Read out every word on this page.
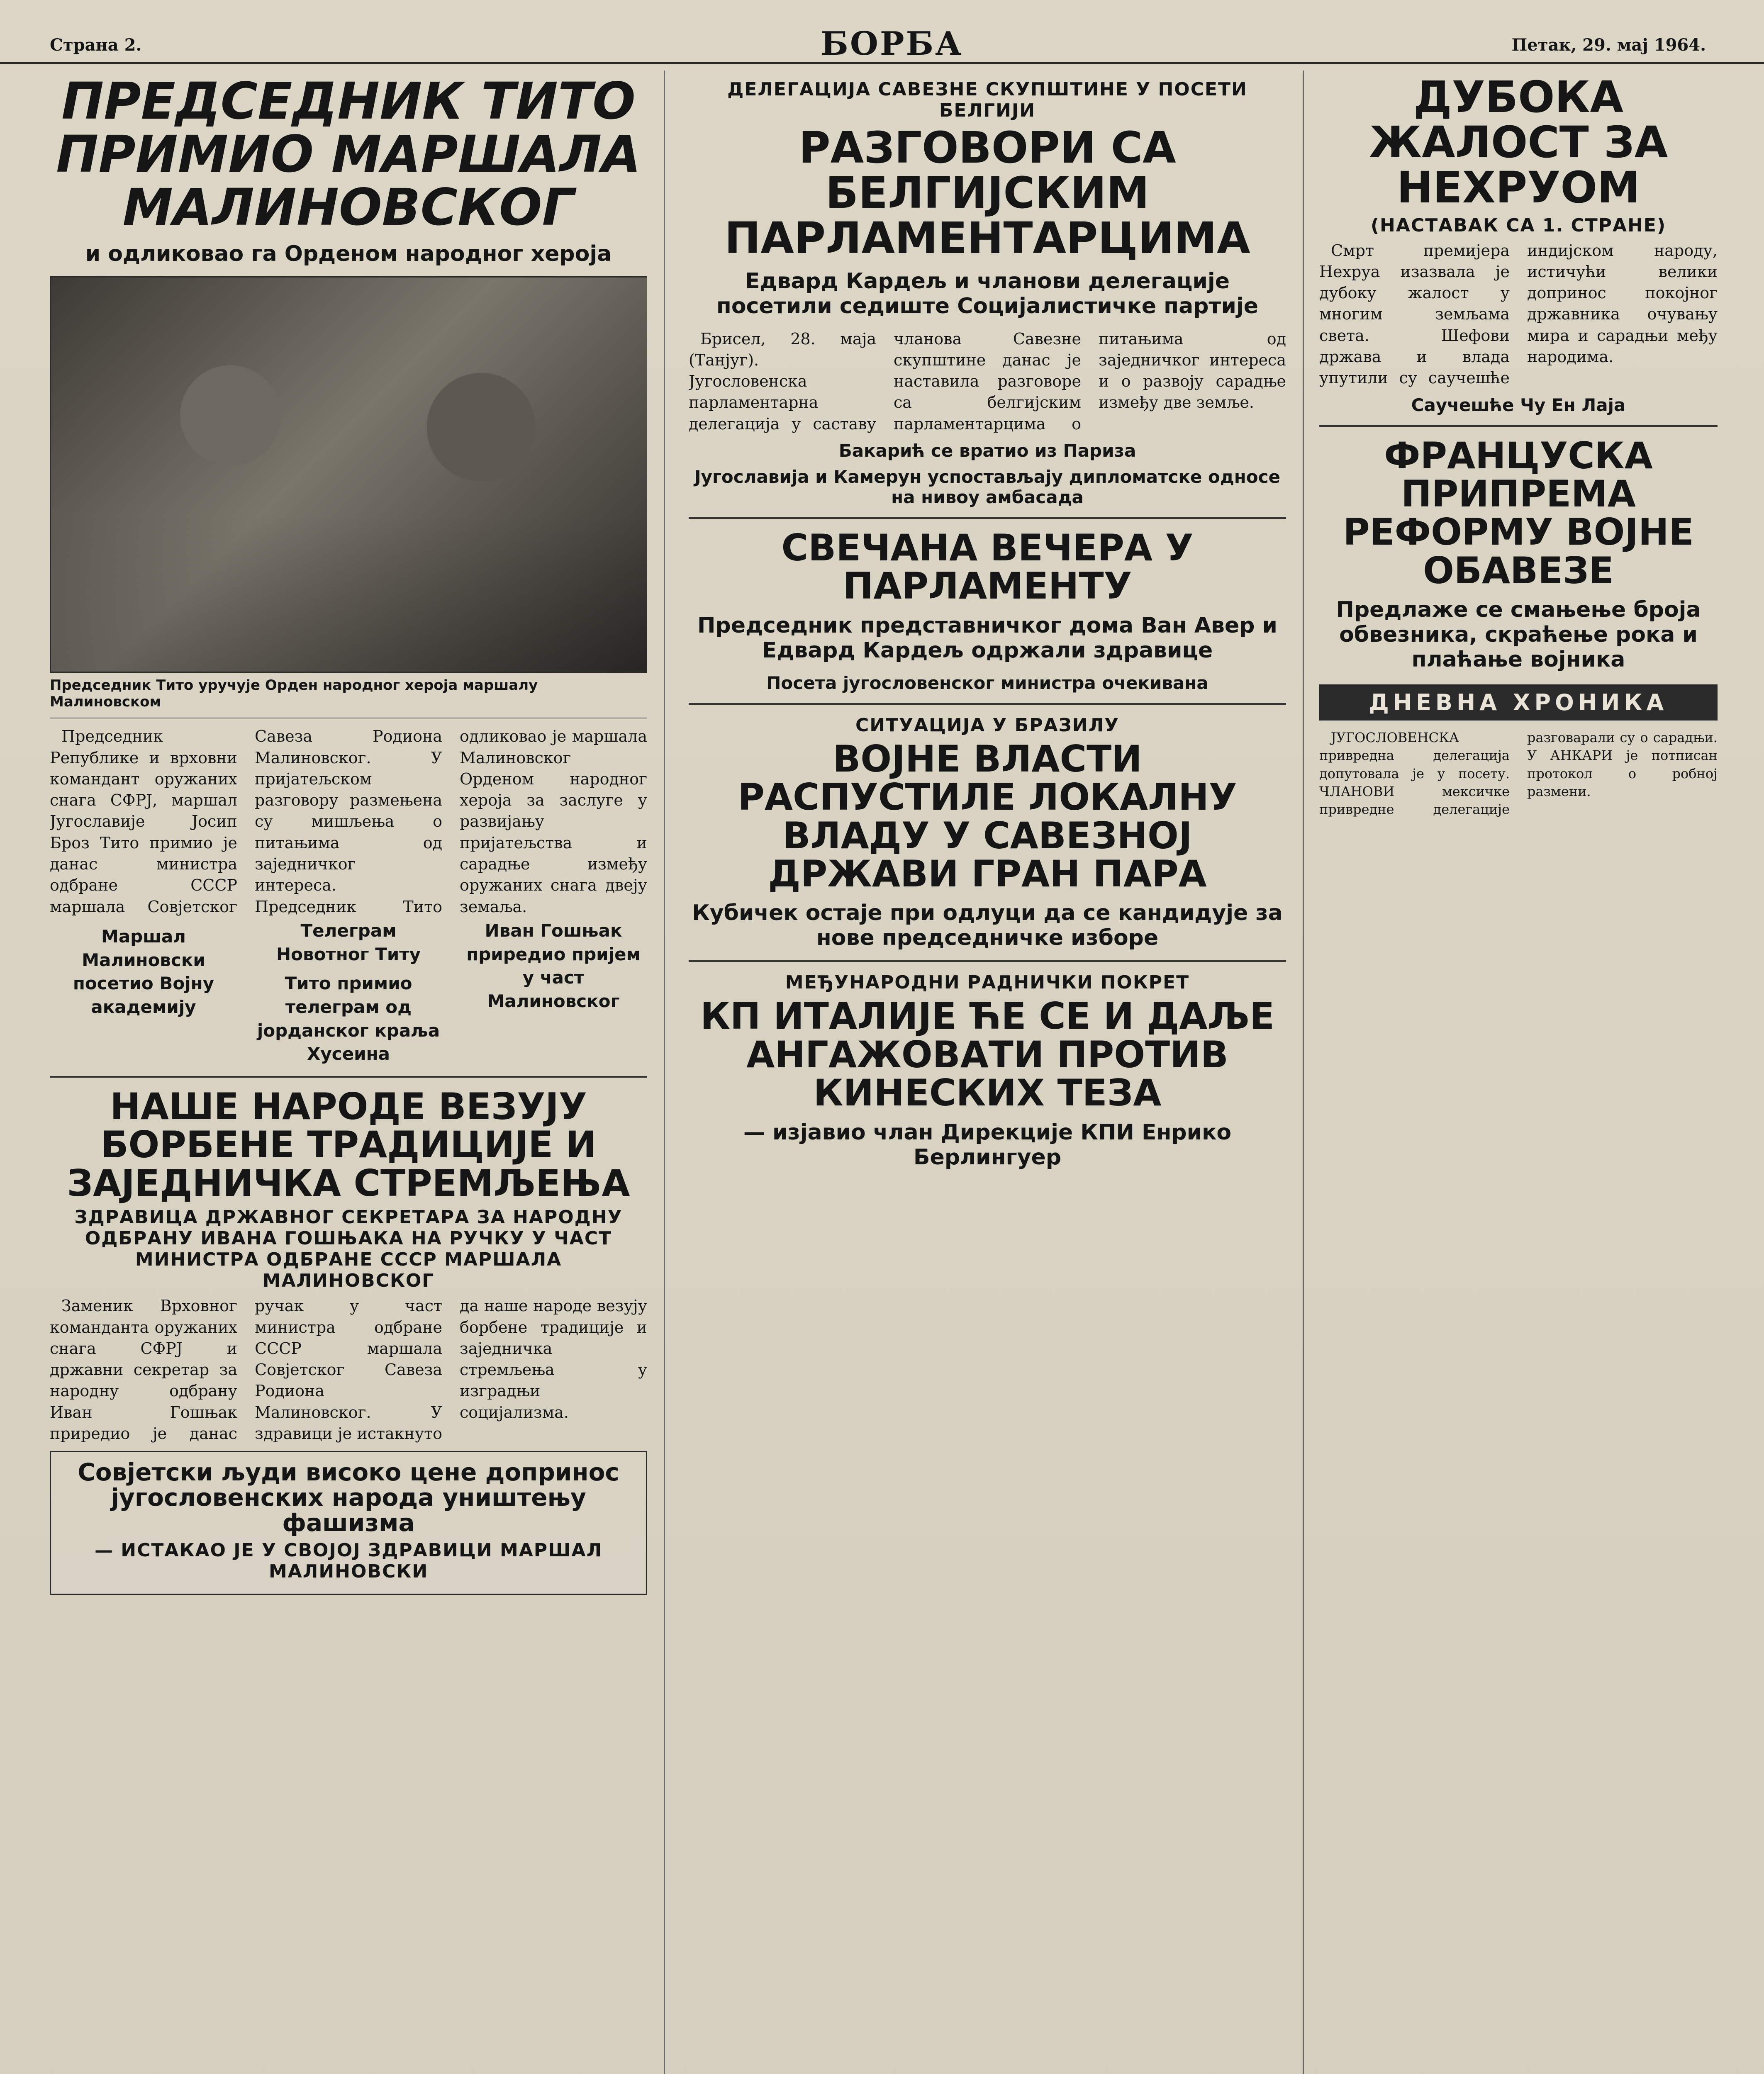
Страна 2.	БОРБА	Петак, 29. мај 1964.
ПРЕДСЕДНИК ТИТО ПРИМИО МАРШАЛА МАЛИНОВСКОГ
и одликовао га Орденом народног хероја
Председник Тито уручује Орден народног хероја маршалу Малиновском

Председник Републике и врховни командант оружаних снага СФРЈ, маршал Југославије Јосип Броз Тито примио је данас министра одбране СССР маршала Совјетског Савеза Родиона Малиновског. У пријатељском разговору размењена су мишљења о питањима од заједничког интереса. Председник Тито одликовао је маршала Малиновског Орденом народног хероја за заслуге у развијању пријатељства и сарадње између оружаних снага двеју земаља.

Маршал Малиновски посетио Војну академију
Телеграм Новотног Титу
Тито примио телеграм од јорданског краља Хусеина
Иван Гошњак приредио пријем у част Малиновског
НАШЕ НАРОДЕ ВЕЗУЈУ БОРБЕНЕ ТРАДИЦИЈЕ И ЗАЈЕДНИЧКА СТРЕМЉЕЊА
ЗДРАВИЦА ДРЖАВНОГ СЕКРЕТАРА ЗА НАРОДНУ ОДБРАНУ ИВАНА ГОШЊАКА НА РУЧКУ У ЧАСТ МИНИСТРА ОДБРАНЕ СССР МАРШАЛА МАЛИНОВСКОГ

Заменик Врховног команданта оружаних снага СФРЈ и државни секретар за народну одбрану Иван Гошњак приредио је данас ручак у част министра одбране СССР маршала Совјетског Савеза Родиона Малиновског. У здравици је истакнуто да наше народе везују борбене традиције и заједничка стремљења у изградњи социјализма.

Совјетски људи високо цене допринос југословенских народа уништењу фашизма
— ИСТАКАО ЈЕ У СВОЈОЈ ЗДРАВИЦИ МАРШАЛ МАЛИНОВСКИ
ДЕЛЕГАЦИЈА САВЕЗНЕ СКУПШТИНЕ У ПОСЕТИ БЕЛГИЈИ
РАЗГОВОРИ СА БЕЛГИЈСКИМ ПАРЛАМЕНТАРЦИМА
Едвард Кардељ и чланови делегације посетили седиште Социјалистичке партије

Брисел, 28. маја (Танјуг). Југословенска парламентарна делегација у саставу чланова Савезне скупштине данас је наставила разговоре са белгијским парламентарцима о питањима од заједничког интереса и о развоју сарадње између две земље.

Бакарић се вратио из Париза
Југославија и Камерун успостављају дипломатске односе на нивоу амбасада
СВЕЧАНА ВЕЧЕРА У ПАРЛАМЕНТУ
Председник представничког дома Ван Авер и Едвард Кардељ одржали здравице
Посета југословенског министра очекивана
СИТУАЦИЈА У БРАЗИЛУ
ВОЈНЕ ВЛАСТИ РАСПУСТИЛЕ ЛОКАЛНУ ВЛАДУ У САВЕЗНОЈ ДРЖАВИ ГРАН ПАРА
Кубичек остаје при одлуци да се кандидује за нове председничке изборе
МЕЂУНАРОДНИ РАДНИЧКИ ПОКРЕТ
КП ИТАЛИЈЕ ЋЕ СЕ И ДАЉЕ АНГАЖОВАТИ ПРОТИВ КИНЕСКИХ ТЕЗА
— изјавио члан Дирекције КПИ Енрико Берлингуер
ДУБОКА ЖАЛОСТ ЗА НЕХРУОМ
(НАСТАВАК СА 1. СТРАНЕ)

Смрт премијера Нехруа изазвала је дубоку жалост у многим земљама света. Шефови држава и влада упутили су саучешће индијском народу, истичући велики допринос покојног државника очувању мира и сарадњи међу народима.

Саучешће Чу Ен Лаја
ФРАНЦУСКА ПРИПРЕМА РЕФОРМУ ВОЈНЕ ОБАВЕЗЕ
Предлаже се смањење броја обвезника, скраћење рока и плаћање војника
ДНЕВНА ХРОНИКА

ЈУГОСЛОВЕНСКА привредна делегација допутовала је у посету. ЧЛАНОВИ мексичке привредне делегације разговарали су о сарадњи. У АНКАРИ је потписан протокол о робној размени.
